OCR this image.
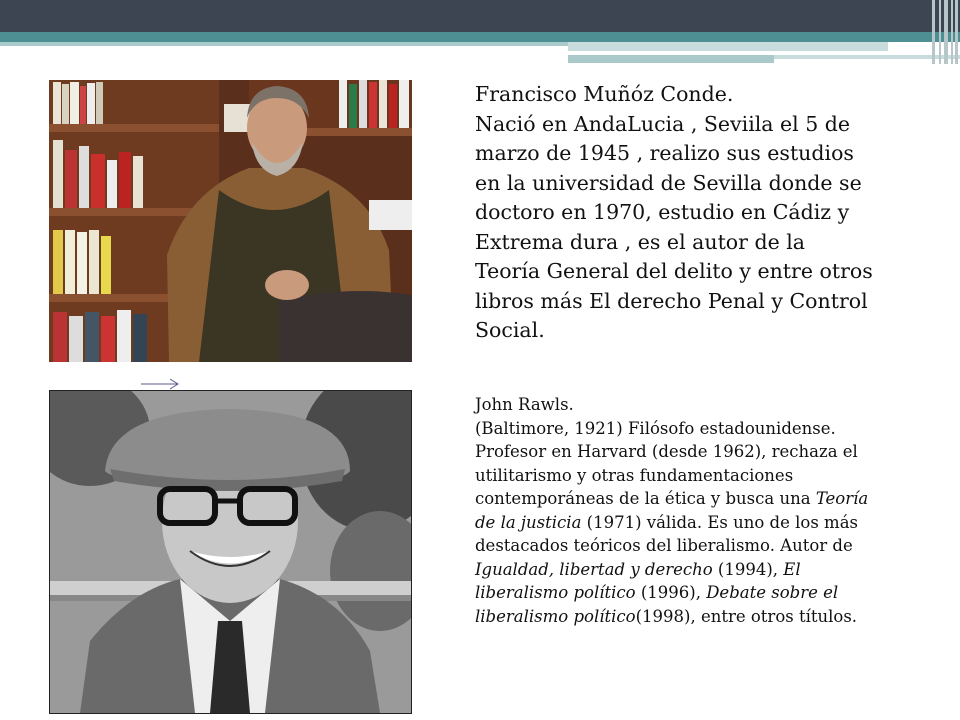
Francisco Muñóz Conde.

Nació en AndaLucia , Seviila el 5 de marzo de 1945 , realizo sus estudios en la universidad de Sevilla donde se doctoro en 1970, estudio en Cádiz y Extrema dura , es el autor de la Teoría General del delito y entre otros libros más El derecho Penal y Control Social.

John Rawls.

(Baltimore, 1921) Filósofo estadounidense. Profesor en Harvard (desde 1962), rechaza el utilitarismo y otras fundamentaciones contemporáneas de la ética y busca una Teoría de la justicia (1971) válida. Es uno de los más destacados teóricos del liberalismo. Autor de Igualdad, libertad y derecho (1994), El liberalismo político (1996), Debate sobre el liberalismo político(1998), entre otros títulos.
